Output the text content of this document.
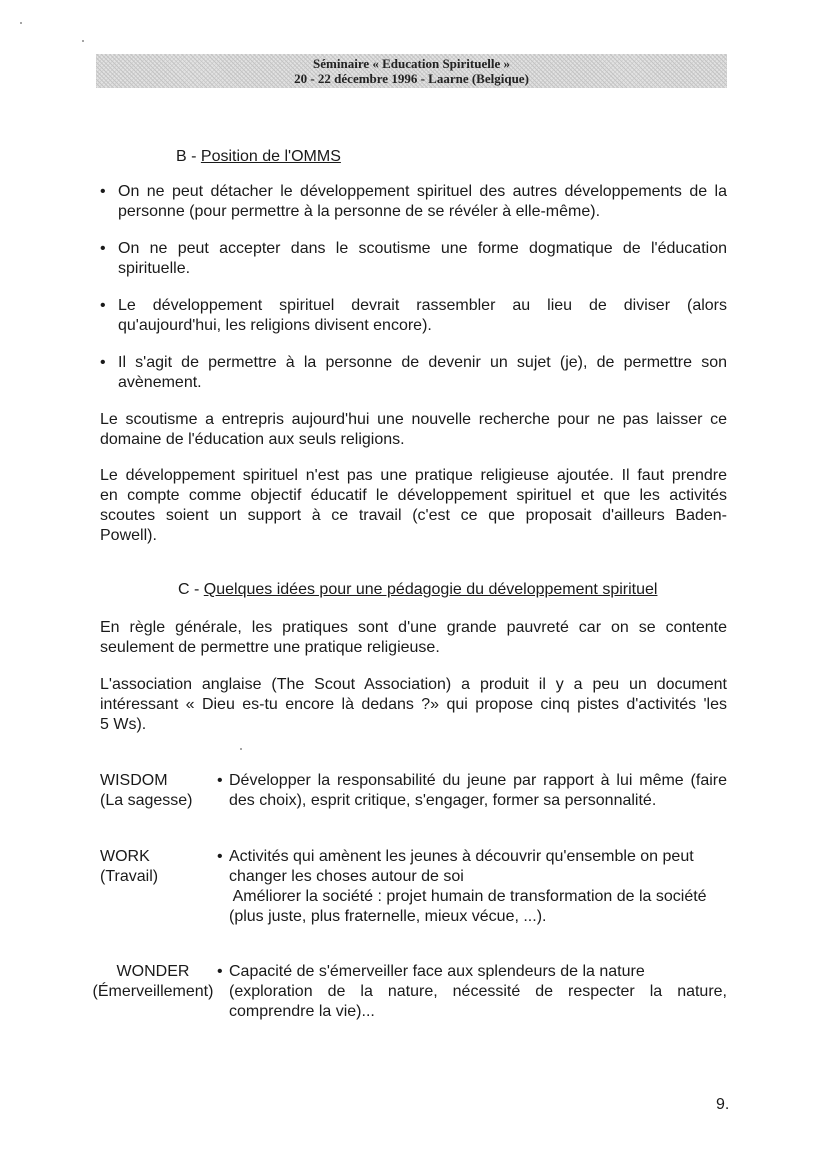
Séminaire « Education Spirituelle »
20 - 22 décembre 1996 - Laarne (Belgique)
B - Position de l'OMMS
• On ne peut détacher le développement spirituel des autres développements de la
personne (pour permettre à la personne de se révéler à elle-même).
• On ne peut accepter dans le scoutisme une forme dogmatique de l'éducation
spirituelle.
• Le développement spirituel devrait rassembler au lieu de diviser (alors
qu'aujourd'hui, les religions divisent encore).
• Il s'agit de permettre à la personne de devenir un sujet (je), de permettre son
avènement.
Le scoutisme a entrepris aujourd'hui une nouvelle recherche pour ne pas laisser ce
domaine de l'éducation aux seuls religions.
Le développement spirituel n'est pas une pratique religieuse ajoutée. Il faut prendre
en compte comme objectif éducatif le développement spirituel et que les activités
scoutes soient un support à ce travail (c'est ce que proposait d'ailleurs Baden-
Powell).
C - Quelques idées pour une pédagogie du développement spirituel
En règle générale, les pratiques sont d'une grande pauvreté car on se contente
seulement de permettre une pratique religieuse.
L'association anglaise (The Scout Association) a produit il y a peu un document
intéressant « Dieu es-tu encore là dedans ?» qui propose cinq pistes d'activités 'les
5 Ws).
WISDOM
(La sagesse)
• Développer la responsabilité du jeune par rapport à lui même (faire
des choix), esprit critique, s'engager, former sa personnalité.
WORK
(Travail)
• Activités qui amènent les jeunes à découvrir qu'ensemble on peut
changer les choses autour de soi
Améliorer la société : projet humain de transformation de la société
(plus juste, plus fraternelle, mieux vécue, ...).
WONDER
(Émerveillement)
• Capacité de s'émerveiller face aux splendeurs de la nature
(exploration de la nature, nécessité de respecter la nature,
comprendre la vie)...
9.
